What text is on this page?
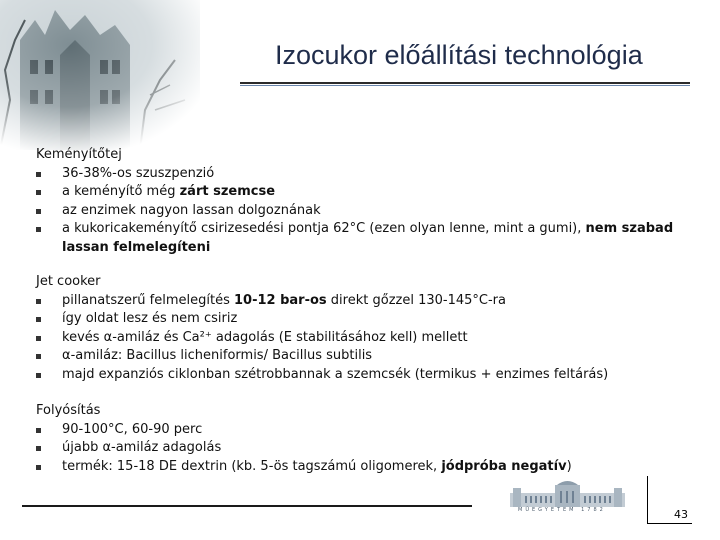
Izocukor előállítási technológia
Keményítőtej
36-38%-os szuszpenzió
a keményítő még zárt szemcse
az enzimek nagyon lassan dolgoznának
a kukoricakeményítő csirizesedési pontja 62°C (ezen olyan lenne, mint a gumi), nem szabad lassan felmelegíteni
Jet cooker
pillanatszerű felmelegítés 10-12 bar-os direkt gőzzel 130-145°C-ra
így oldat lesz és nem csiriz
kevés α-amiláz és Ca²⁺ adagolás (E stabilitásához kell) mellett
α-amiláz: Bacillus licheniformis/ Bacillus subtilis
majd expanziós ciklonban szétrobbannak a szemcsék (termikus + enzimes feltárás)
Folyósítás
90-100°C, 60-90 perc
újabb α-amiláz adagolás
termék: 15-18 DE dextrin (kb. 5-ös tagszámú oligomerek, jódpróba negatív)
MŰEGYETEM 1782	43
